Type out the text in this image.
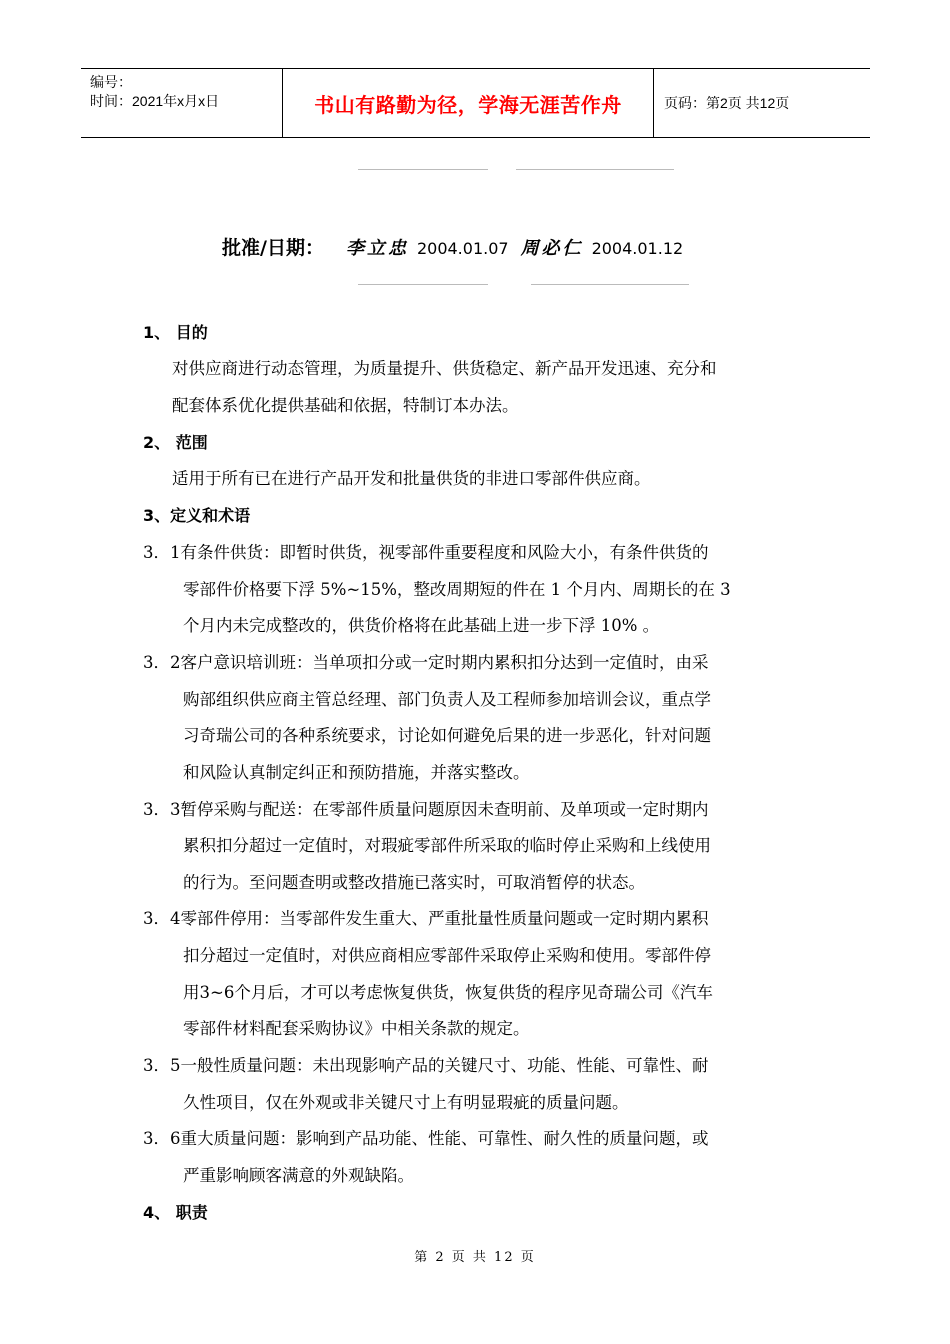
编号：
时间：2021年x月x日	书山有路勤为径，学海无涯苦作舟	页码：第2页 共12页
批准/日期： 李立忠 2004.01.07 周必仁 2004.01.12
1、 目的
对供应商进行动态管理，为质量提升、供货稳定、新产品开发迅速、充分和
配套体系优化提供基础和依据，特制订本办法。
2、 范围
适用于所有已在进行产品开发和批量供货的非进口零部件供应商。
3、定义和术语
3．1有条件供货：即暂时供货，视零部件重要程度和风险大小，有条件供货的
零部件价格要下浮 5%~15%，整改周期短的件在 1 个月内、周期长的在 3
个月内未完成整改的，供货价格将在此基础上进一步下浮 10% 。
3．2客户意识培训班：当单项扣分或一定时期内累积扣分达到一定值时，由采
购部组织供应商主管总经理、部门负责人及工程师参加培训会议，重点学
习奇瑞公司的各种系统要求，讨论如何避免后果的进一步恶化，针对问题
和风险认真制定纠正和预防措施，并落实整改。
3．3暂停采购与配送：在零部件质量问题原因未查明前、及单项或一定时期内
累积扣分超过一定值时，对瑕疵零部件所采取的临时停止采购和上线使用
的行为。至问题查明或整改措施已落实时，可取消暂停的状态。
3．4零部件停用：当零部件发生重大、严重批量性质量问题或一定时期内累积
扣分超过一定值时，对供应商相应零部件采取停止采购和使用。零部件停
用3~6个月后，才可以考虑恢复供货，恢复供货的程序见奇瑞公司《汽车
零部件材料配套采购协议》中相关条款的规定。
3．5一般性质量问题：未出现影响产品的关键尺寸、功能、性能、可靠性、耐
久性项目，仅在外观或非关键尺寸上有明显瑕疵的质量问题。
3．6重大质量问题：影响到产品功能、性能、可靠性、耐久性的质量问题，或
严重影响顾客满意的外观缺陷。
4、 职责
第 2 页 共 12 页
